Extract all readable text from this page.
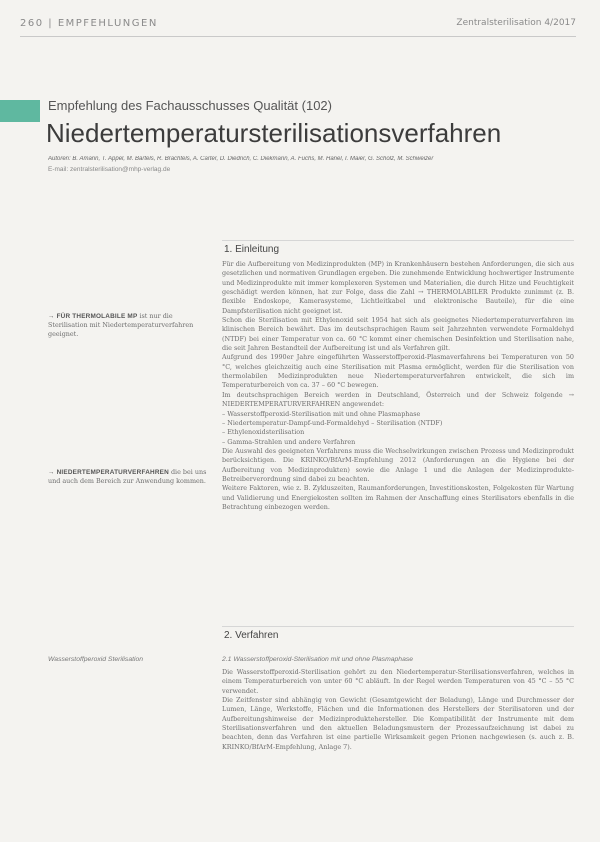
260 | EMPFEHLUNGEN	Zentralsterilisation 4/2017
Empfehlung des Fachausschusses Qualität (102)
Niedertemperatursterilisationsverfahren
Autoren: B. Amann, T. Appel, M. Bartels, R. Brachtels, A. Carter, D. Diedrich, C. Diekmann, A. Fuchs, M. Hanel, I. Maier, G. Scholz, M. Schweizer
E-mail: zentralsterilisation@mhp-verlag.de
1. Einleitung
→ FÜR THERMOLABILE MP ist nur die Sterilisation mit Niedertemperaturverfahren geeignet.
→ NIEDERTEMPERATURVERFAHREN die bei uns und auch dem Bereich zur Anwendung kommen.

Für die Aufbereitung von Medizinprodukten (MP) in Krankenhäusern bestehen Anforderungen, die sich aus gesetzlichen und normativen Grundlagen ergeben. Die zunehmende Entwicklung hochwertiger Instrumente und Medizinprodukte mit immer komplexeren Systemen und Materialien, die durch Hitze und Feuchtigkeit geschädigt werden können, hat zur Folge, dass die Zahl → THERMOLABILER Produkte zunimmt (z. B. flexible Endoskope, Kamerasysteme, Lichtleitkabel und elektronische Bauteile), für die eine Dampfsterilisation nicht geeignet ist.

Schon die Sterilisation mit Ethylenoxid seit 1954 hat sich als geeignetes Niedertemperaturverfahren im klinischen Bereich bewährt. Das im deutschsprachigen Raum seit Jahrzehnten verwendete Formaldehyd (NTDF) bei einer Temperatur von ca. 60 °C kommt einer chemischen Desinfektion und Sterilisation nahe, die seit Jahren Bestandteil der Aufbereitung ist und als Verfahren gilt.

Aufgrund des 1990er Jahre eingeführten Wasserstoffperoxid-Plasmaverfahrens bei Temperaturen von 50 °C, welches gleichzeitig auch eine Sterilisation mit Plasma ermöglicht, werden für die Sterilisation von thermolabilen Medizinprodukten neue Niedertemperaturverfahren entwickelt, die sich im Temperaturbereich von ca. 37 – 60 °C bewegen.

Im deutschsprachigen Bereich werden in Deutschland, Österreich und der Schweiz folgende → NIEDERTEMPERATURVERFAHREN angewendet:

– Wasserstoffperoxid-Sterilisation mit und ohne Plasmaphase
– Niedertemperatur-Dampf-und-Formaldehyd – Sterilisation (NTDF)
– Ethylenoxidsterilisation
– Gamma-Strahlen und andere Verfahren

Die Auswahl des geeigneten Verfahrens muss die Wechselwirkungen zwischen Prozess und Medizinprodukt berücksichtigen. Die KRINKO/BfArM-Empfehlung 2012 (Anforderungen an die Hygiene bei der Aufbereitung von Medizinprodukten) sowie die Anlage 1 und die Anlagen der Medizinprodukte-Betreiberverordnung sind dabei zu beachten.

Weitere Faktoren, wie z. B. Zykluszeiten, Raumanforderungen, Investitionskosten, Folgekosten für Wartung und Validierung und Energiekosten sollten im Rahmen der Anschaffung eines Sterilisators ebenfalls in die Betrachtung einbezogen werden.

2. Verfahren
Wasserstoffperoxid Sterilisation	2.1 Wasserstoffperoxid-Sterilisation mit und ohne Plasmaphase

Die Wasserstoffperoxid-Sterilisation gehört zu den Niedertemperatur-Sterilisationsverfahren, welches in einem Temperaturbereich von unter 60 °C abläuft. In der Regel werden Temperaturen von 45 °C – 55 °C verwendet.

Die Zeitfenster sind abhängig von Gewicht (Gesamtgewicht der Beladung), Länge und Durchmesser der Lumen, Länge, Werkstoffe, Flächen und die Informationen des Herstellers der Sterilisatoren und der Aufbereitungshinweise der Medizinproduktehersteller. Die Kompatibilität der Instrumente mit dem Sterilisationsverfahren und den aktuellen Beladungsmustern der Prozessaufzeichnung ist dabei zu beachten, denn das Verfahren ist eine partielle Wirksamkeit gegen Prionen nachgewiesen (s. auch z. B. KRINKO/BfArM-Empfehlung, Anlage 7).
